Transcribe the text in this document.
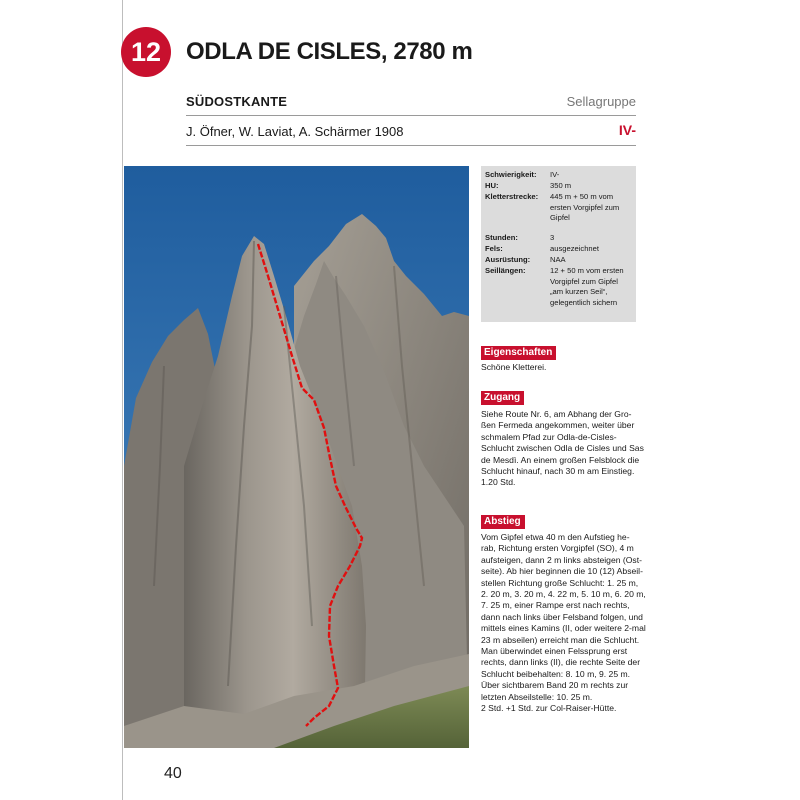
12	ODLA DE CISLES, 2780 m
SÜDOSTKANTE	Sellagruppe
J. Öfner, W. Laviat, A. Schärmer 1908	IV-
Schwierigkeit: IV-
HU:	350 m
Kletterstrecke: 445 m + 50 m vom ersten Vorgipfel zum Gipfel
Stunden:	3
Fels:	ausgezeichnet
Ausrüstung:	NAA
Seillängen:	12 + 50 m vom ersten Vorgipfel zum Gipfel „am kurzen Seil“, gelegentlich sichern
Eigenschaften
Schöne Kletterei.
Zugang
Siehe Route Nr. 6, am Abhang der Gro-
ßen Fermeda angekommen, weiter über
schmalem Pfad zur Odla-de-Cisles-
Schlucht zwischen Odla de Cisles und Sas
de Mesdì. An einem großen Felsblock die
Schlucht hinauf, nach 30 m am Einstieg.
1.20 Std.
Abstieg
Vom Gipfel etwa 40 m den Aufstieg he-
rab, Richtung ersten Vorgipfel (SO), 4 m
aufsteigen, dann 2 m links absteigen (Ost-
seite). Ab hier beginnen die 10 (12) Abseil-
stellen Richtung große Schlucht: 1. 25 m,
2. 20 m, 3. 20 m, 4. 22 m, 5. 10 m, 6. 20 m,
7. 25 m, einer Rampe erst nach rechts,
dann nach links über Felsband folgen, und
mittels eines Kamins (II, oder weitere 2-mal
23 m abseilen) erreicht man die Schlucht.
Man überwindet einen Felssprung erst
rechts, dann links (II), die rechte Seite der
Schlucht beibehalten: 8. 10 m, 9. 25 m.
Über sichtbarem Band 20 m rechts zur
letzten Abseilstelle: 10. 25 m.
2 Std. +1 Std. zur Col-Raiser-Hütte.
40
